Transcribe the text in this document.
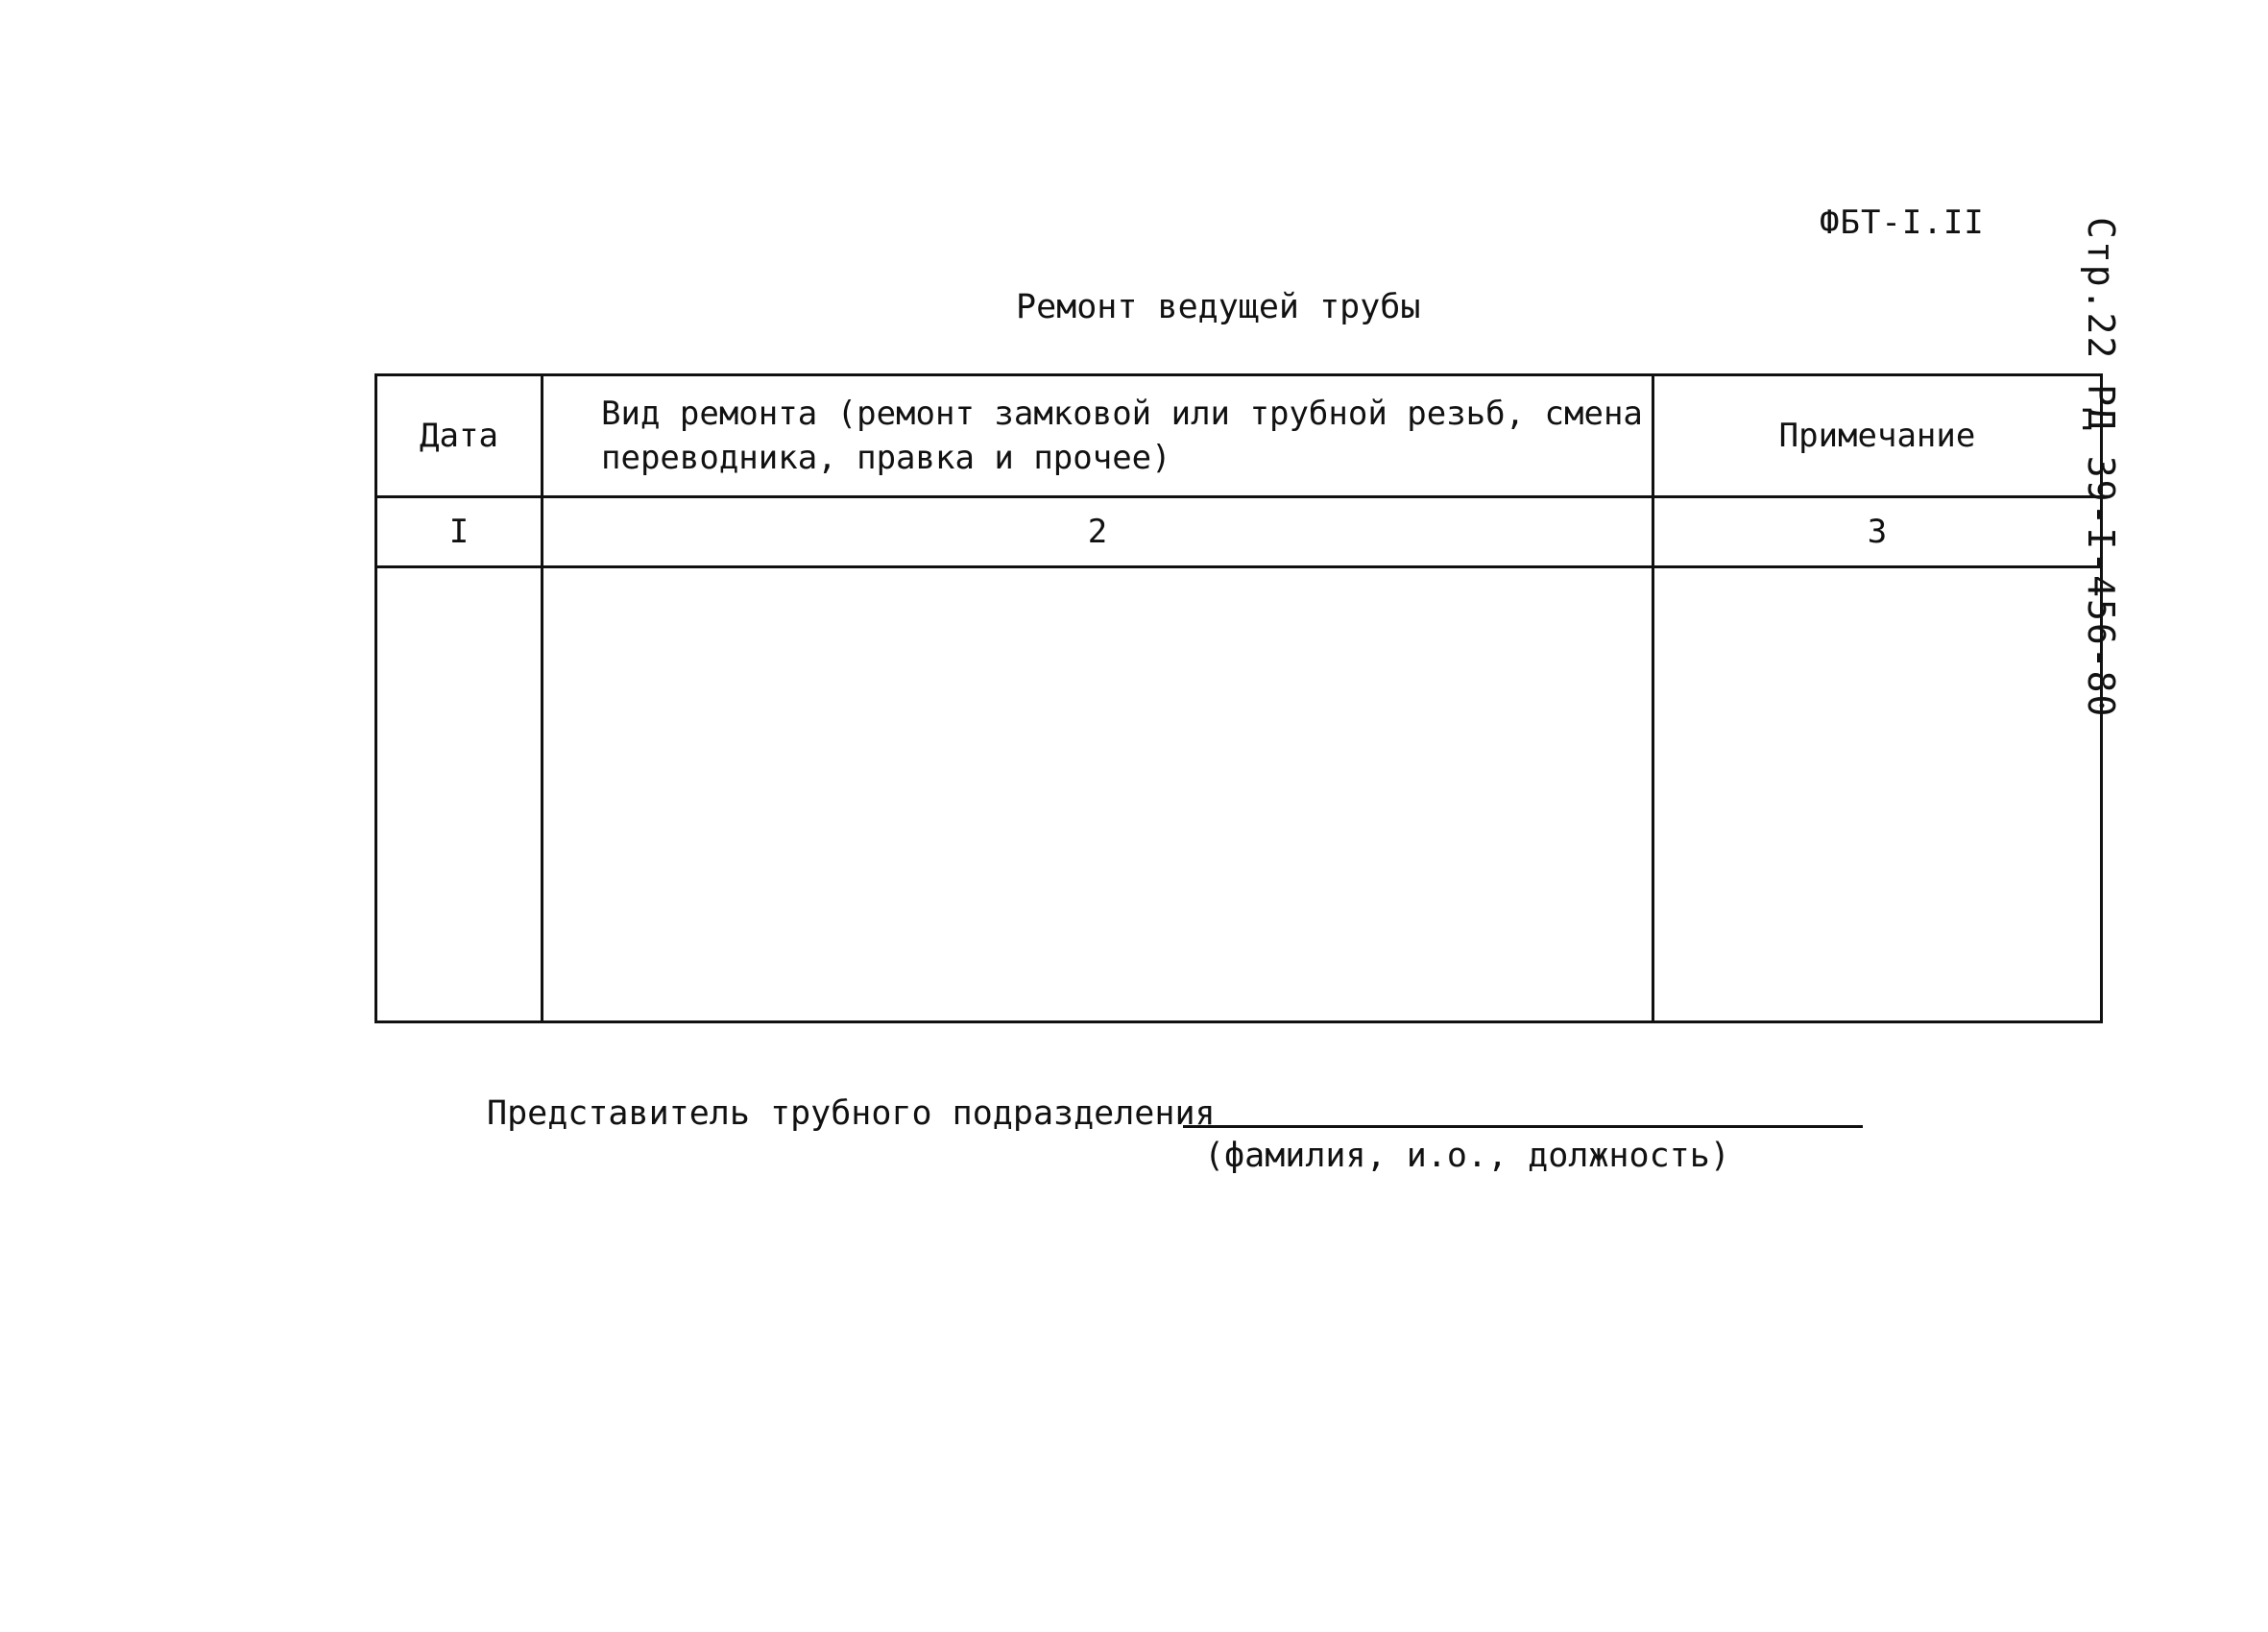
ФБТ-I.II	Стр.22 РД 39-I-456-80
Ремонт ведущей трубы
Дата	Вид ремонта (ремонт замковой или трубной резьб, смена переводника, правка и прочее)	Примечание
I	2	3

Представитель трубного подразделения
(фамилия, и.о., должность)
